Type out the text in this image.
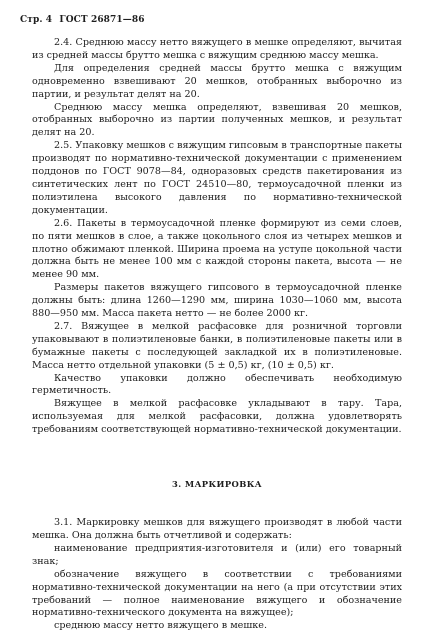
Стр. 4 ГОСТ 26871—86

2.4. Среднюю массу нетто вяжущего в мешке определяют, вычитая из средней массы брутто мешка с вяжущим среднюю массу мешка.

Для определения средней массы брутто мешка с вяжущим одновременно взвешивают 20 мешков, отобранных выборочно из партии, и результат делят на 20.

Среднюю массу мешка определяют, взвешивая 20 мешков, отобранных выборочно из партии полученных мешков, и результат делят на 20.

2.5. Упаковку мешков с вяжущим гипсовым в транспортные пакеты производят по нормативно-технической документации с применением поддонов по ГОСТ 9078—84, одноразовых средств пакетирования из синтетических лент по ГОСТ 24510—80, термоусадочной пленки из полиэтилена высокого давления по нормативно-технической документации.

2.6. Пакеты в термоусадочной пленке формируют из семи слоев, по пяти мешков в слое, а также цокольного слоя из четырех мешков и плотно обжимают пленкой. Ширина проема на уступе цокольной части должна быть не менее 100 мм с каждой стороны пакета, высота — не менее 90 мм.

Размеры пакетов вяжущего гипсового в термоусадочной пленке должны быть: длина 1260—1290 мм, ширина 1030—1060 мм, высота 880—950 мм. Масса пакета нетто — не более 2000 кг.

2.7. Вяжущее в мелкой расфасовке для розничной торговли упаковывают в полиэтиленовые банки, в полиэтиленовые пакеты или в бумажные пакеты с последующей закладкой их в полиэтиленовые. Масса нетто отдельной упаковки (5 ± 0,5) кг, (10 ± 0,5) кг.

Качество упаковки должно обеспечивать необходимую герметичность.

Вяжущее в мелкой расфасовке укладывают в тару. Тара, используемая для мелкой расфасовки, должна удовлетворять требованиям соответствующей нормативно-технической документации.

3. МАРКИРОВКА

3.1. Маркировку мешков для вяжущего производят в любой части мешка. Она должна быть отчетливой и содержать:

наименование предприятия-изготовителя и (или) его товарный знак;

обозначение вяжущего в соответствии с требованиями нормативно-технической документации на него (а при отсутствии этих требований — полное наименование вяжущего и обозначение нормативно-технического документа на вяжущее);

среднюю массу нетто вяжущего в мешке.
